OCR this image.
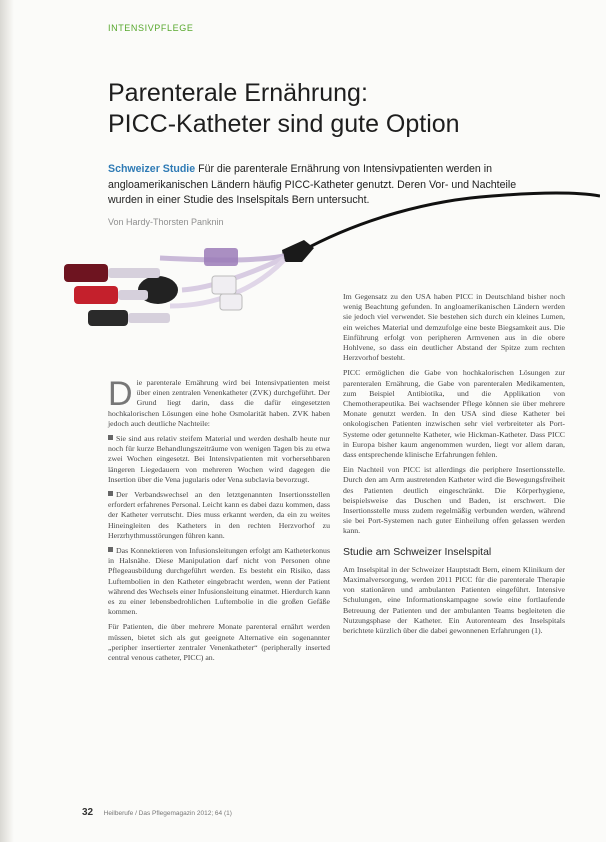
INTENSIVPFLEGE
Parenterale Ernährung:
PICC-Katheter sind gute Option
Schweizer Studie Für die parenterale Ernährung von Intensivpatienten werden in angloamerikanischen Ländern häufig PICC-Katheter genutzt. Deren Vor- und Nachteile wurden in einer Studie des Inselspitals Bern untersucht.
Von Hardy-Thorsten Panknin

Die parenterale Ernährung wird bei Intensivpatienten meist über einen zentralen Venenkatheter (ZVK) durchgeführt. Der Grund liegt darin, dass die dafür eingesetzten hochkalorischen Lösungen eine hohe Osmolarität haben. ZVK haben jedoch auch deutliche Nachteile:

Sie sind aus relativ steifem Material und werden deshalb heute nur noch für kurze Behandlungszeiträume von wenigen Tagen bis zu etwa zwei Wochen eingesetzt. Bei Intensivpatienten mit vorhersehbaren längeren Liegedauern von mehreren Wochen wird dagegen die Insertion über die Vena jugularis oder Vena subclavia bevorzugt.

Der Verbandswechsel an den letztgenannten Insertionsstellen erfordert erfahrenes Personal. Leicht kann es dabei dazu kommen, dass der Katheter verrutscht. Dies muss erkannt werden, da ein zu weites Hineingleiten des Katheters in den rechten Herzvorhof zu Herzrhythmusstörungen führen kann.

Das Konnektieren von Infusionsleitungen erfolgt am Katheterkonus in Halsnähe. Diese Manipulation darf nicht von Personen ohne Pflegeausbildung durchgeführt werden. Es besteht ein Risiko, dass Luftembolien in den Katheter eingebracht werden, wenn der Patient während des Wechsels einer Infusionsleitung einatmet. Hierdurch kann es zu einer lebensbedrohlichen Luftembolie in die großen Gefäße kommen.

Für Patienten, die über mehrere Monate parenteral ernährt werden müssen, bietet sich als gut geeignete Alternative ein sogenannter „peripher insertierter zentraler Venenkatheter“ (peripherally inserted central venous catheter, PICC) an.

Im Gegensatz zu den USA haben PICC in Deutschland bisher noch wenig Beachtung gefunden. In angloamerikanischen Ländern werden sie jedoch viel verwendet. Sie bestehen sich durch ein kleines Lumen, ein weiches Material und demzufolge eine beste Biegsamkeit aus. Die Einführung erfolgt von peripheren Armvenen aus in die obere Hohlvene, so dass ein deutlicher Abstand der Spitze zum rechten Herzvorhof besteht.

PICC ermöglichen die Gabe von hochkalorischen Lösungen zur parenteralen Ernährung, die Gabe von parenteralen Medikamenten, zum Beispiel Antibiotika, und die Applikation von Chemotherapeutika. Bei wachsender Pflege können sie über mehrere Monate genutzt werden. In den USA sind diese Katheter bei onkologischen Patienten inzwischen sehr viel verbreiteter als Port-Systeme oder getunnelte Katheter, wie Hickman-Katheter. Dass PICC in Europa bisher kaum angenommen wurden, liegt vor allem daran, dass entsprechende klinische Erfahrungen fehlen.

Ein Nachteil von PICC ist allerdings die periphere Insertionsstelle. Durch den am Arm austretenden Katheter wird die Bewegungsfreiheit des Patienten deutlich eingeschränkt. Die Körperhygiene, beispielsweise das Duschen und Baden, ist erschwert. Die Insertionsstelle muss zudem regelmäßig verbunden werden, während sie bei Port-Systemen nach guter Einheilung offen gelassen werden kann.

Studie am Schweizer Inselspital

Am Inselspital in der Schweizer Hauptstadt Bern, einem Klinikum der Maximalversorgung, werden 2011 PICC für die parenterale Therapie von stationären und ambulanten Patienten eingeführt. Intensive Schulungen, eine Informationskampagne sowie eine fortlaufende Betreuung der Patienten und der ambulanten Teams begleiteten die Nutzungsphase der Katheter. Ein Autorenteam des Inselspitals berichtete kürzlich über die dabei gewonnenen Erfahrungen (1).

32 Heilberufe / Das Pflegemagazin 2012; 64 (1)
